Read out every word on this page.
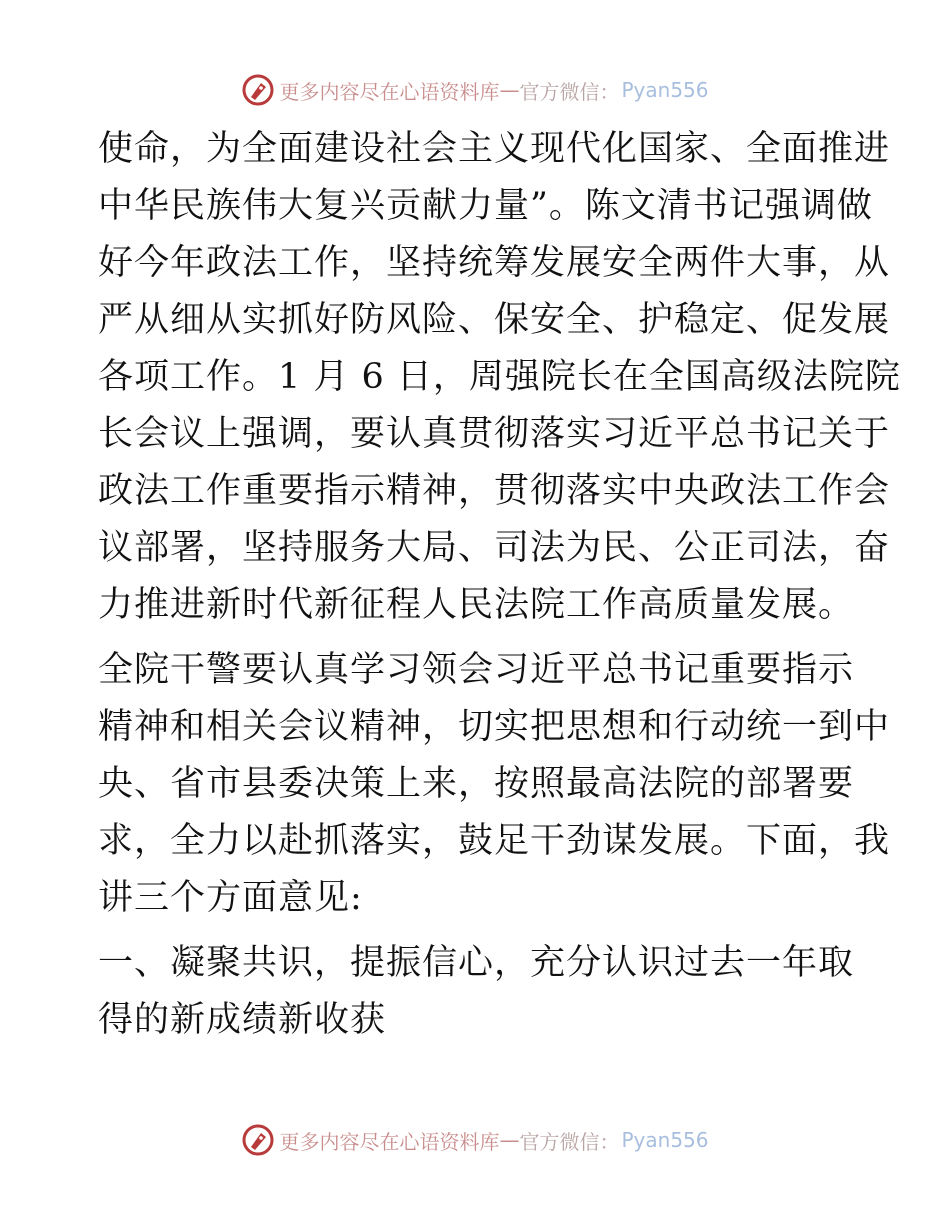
更多内容尽在心语资料库 — 官方微信： Pyan556
使命，为全面建设社会主义现代化国家、全面推进
中华民族伟大复兴贡献力量”。陈文清书记强调做
好今年政法工作，坚持统筹发展安全两件大事，从
严从细从实抓好防风险、保安全、护稳定、促发展
各项工作。1 月 6 日，周强院长在全国高级法院院
长会议上强调，要认真贯彻落实习近平总书记关于
政法工作重要指示精神，贯彻落实中央政法工作会
议部署，坚持服务大局、司法为民、公正司法，奋
力推进新时代新征程人民法院工作高质量发展。
全院干警要认真学习领会习近平总书记重要指示
精神和相关会议精神，切实把思想和行动统一到中
央、省市县委决策上来，按照最高法院的部署要
求，全力以赴抓落实，鼓足干劲谋发展。下面，我
讲三个方面意见:
一、凝聚共识，提振信心，充分认识过去一年取
得的新成绩新收获
更多内容尽在心语资料库 — 官方微信： Pyan556
